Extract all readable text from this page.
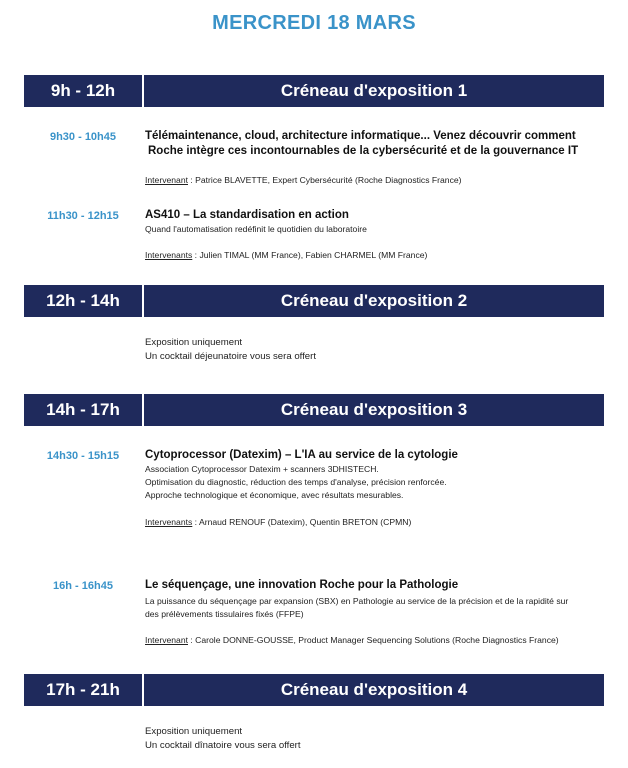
MERCREDI 18 MARS
9h - 12h	Créneau d'exposition 1
9h30 - 10h45	Télémaintenance, cloud, architecture informatique... Venez découvrir comment
Roche intègre ces incontournables de la cybersécurité et de la gouvernance IT
Intervenant : Patrice BLAVETTE, Expert Cybersécurité (Roche Diagnostics France)
11h30 - 12h15	AS410 – La standardisation en action
Quand l'automatisation redéfinit le quotidien du laboratoire
Intervenants : Julien TIMAL (MM France), Fabien CHARMEL (MM France)
12h - 14h	Créneau d'exposition 2
Exposition uniquement
Un cocktail déjeunatoire vous sera offert
14h - 17h	Créneau d'exposition 3
14h30 - 15h15	Cytoprocessor (Datexim) – L'IA au service de la cytologie
Association Cytoprocessor Datexim + scanners 3DHISTECH.
Optimisation du diagnostic, réduction des temps d'analyse, précision renforcée.
Approche technologique et économique, avec résultats mesurables.
Intervenants : Arnaud RENOUF (Datexim), Quentin BRETON (CPMN)
16h - 16h45	Le séquençage, une innovation Roche pour la Pathologie
La puissance du séquençage par expansion (SBX) en Pathologie au service de la précision et de la rapidité sur
des prélèvements tissulaires fixés (FFPE)
Intervenant : Carole DONNE-GOUSSE, Product Manager Sequencing Solutions (Roche Diagnostics France)
17h - 21h	Créneau d'exposition 4
Exposition uniquement
Un cocktail dînatoire vous sera offert
